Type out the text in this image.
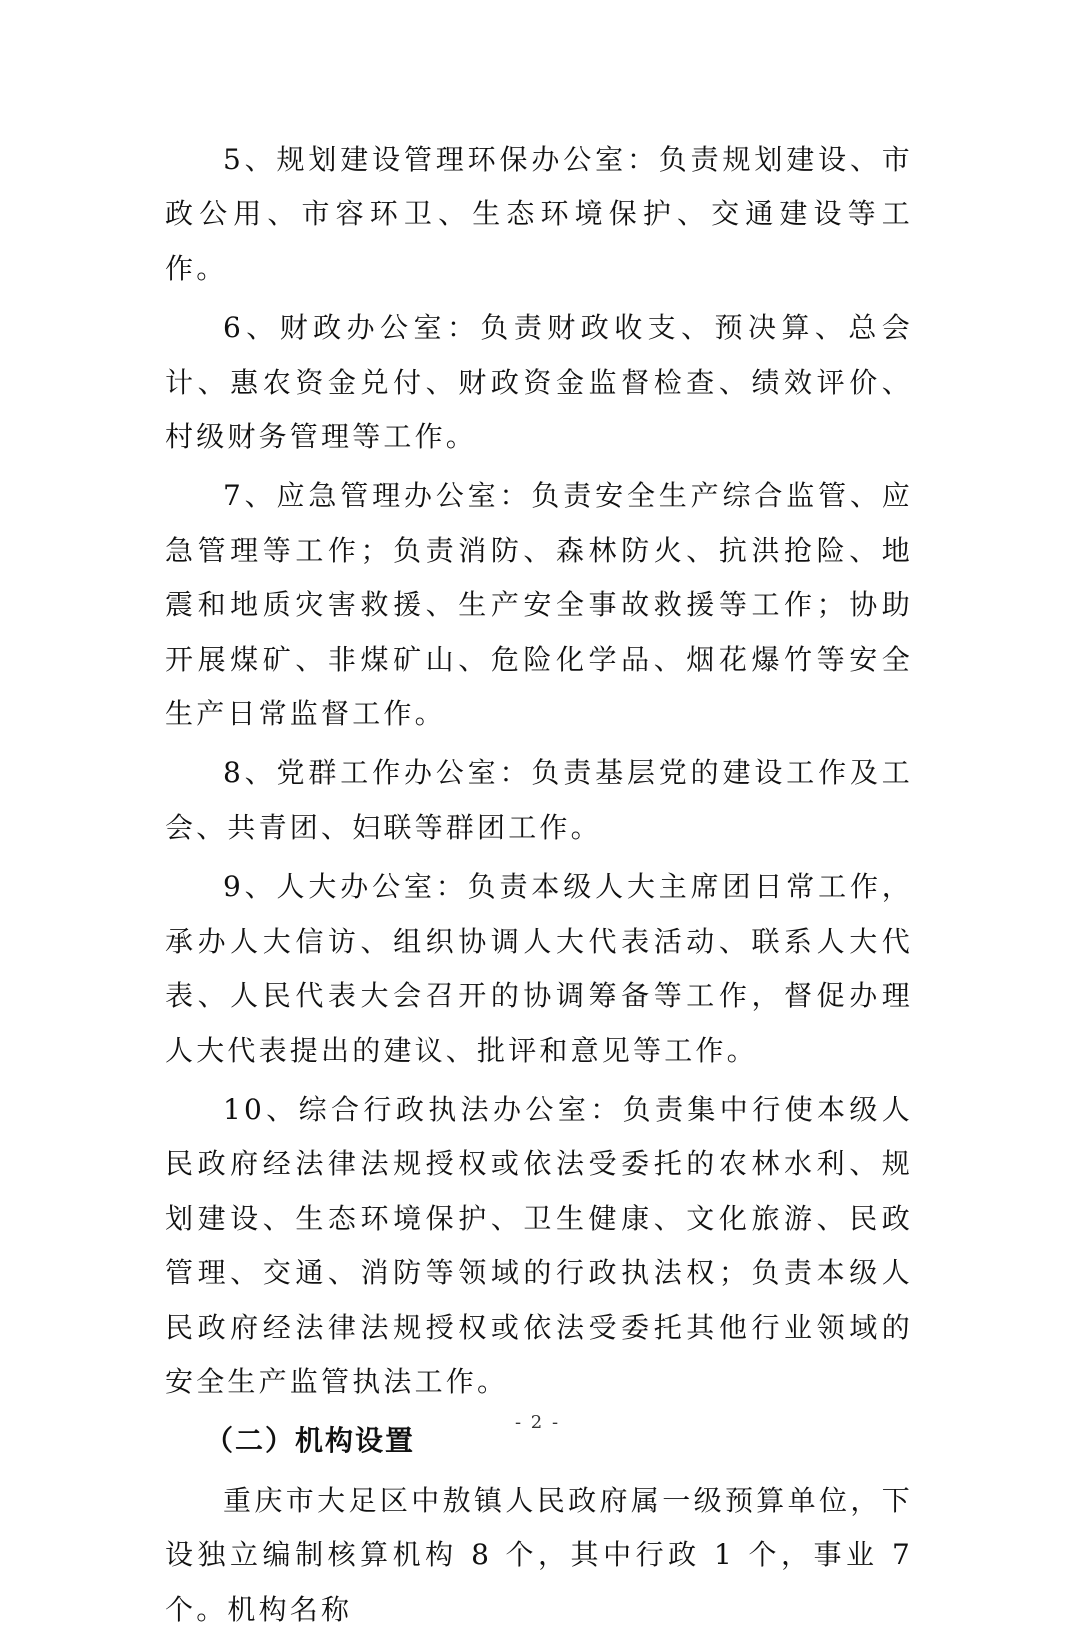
5、规划建设管理环保办公室：负责规划建设、市政公用、市容环卫、生态环境保护、交通建设等工作。

6、财政办公室：负责财政收支、预决算、总会计、惠农资金兑付、财政资金监督检查、绩效评价、村级财务管理等工作。

7、应急管理办公室：负责安全生产综合监管、应急管理等工作；负责消防、森林防火、抗洪抢险、地震和地质灾害救援、生产安全事故救援等工作；协助开展煤矿、非煤矿山、危险化学品、烟花爆竹等安全生产日常监督工作。

8、党群工作办公室：负责基层党的建设工作及工会、共青团、妇联等群团工作。

9、人大办公室：负责本级人大主席团日常工作，承办人大信访、组织协调人大代表活动、联系人大代表、人民代表大会召开的协调筹备等工作，督促办理人大代表提出的建议、批评和意见等工作。

10、综合行政执法办公室：负责集中行使本级人民政府经法律法规授权或依法受委托的农林水利、规划建设、生态环境保护、卫生健康、文化旅游、民政管理、交通、消防等领域的行政执法权；负责本级人民政府经法律法规授权或依法受委托其他行业领域的安全生产监管执法工作。

（二）机构设置

重庆市大足区中敖镇人民政府属一级预算单位，下设独立编制核算机构 8 个，其中行政 1 个，事业 7 个。机构名称

- 2 -
